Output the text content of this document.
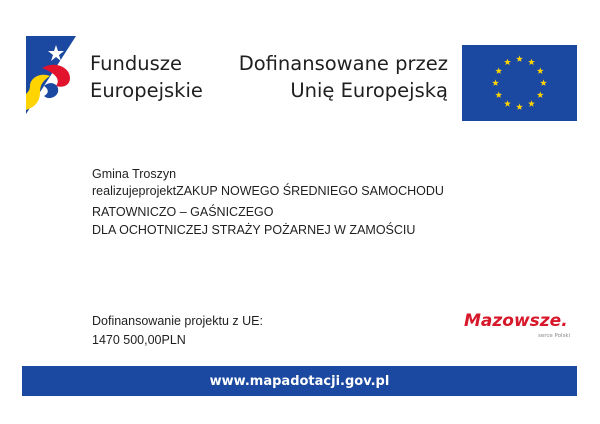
Fundusze
Europejskie
Dofinansowane przez
Unię Europejską
Gmina Troszyn
realizujeprojektZAKUP NOWEGO ŚREDNIEGO SAMOCHODU
RATOWNICZO – GAŚNICZEGO
DLA OCHOTNICZEJ STRAŻY POŻARNEJ W ZAMOŚCIU
Dofinansowanie projektu z UE:
1470 500,00PLN
Mazowsze.
serce Polski
www.mapadotacji.gov.pl
